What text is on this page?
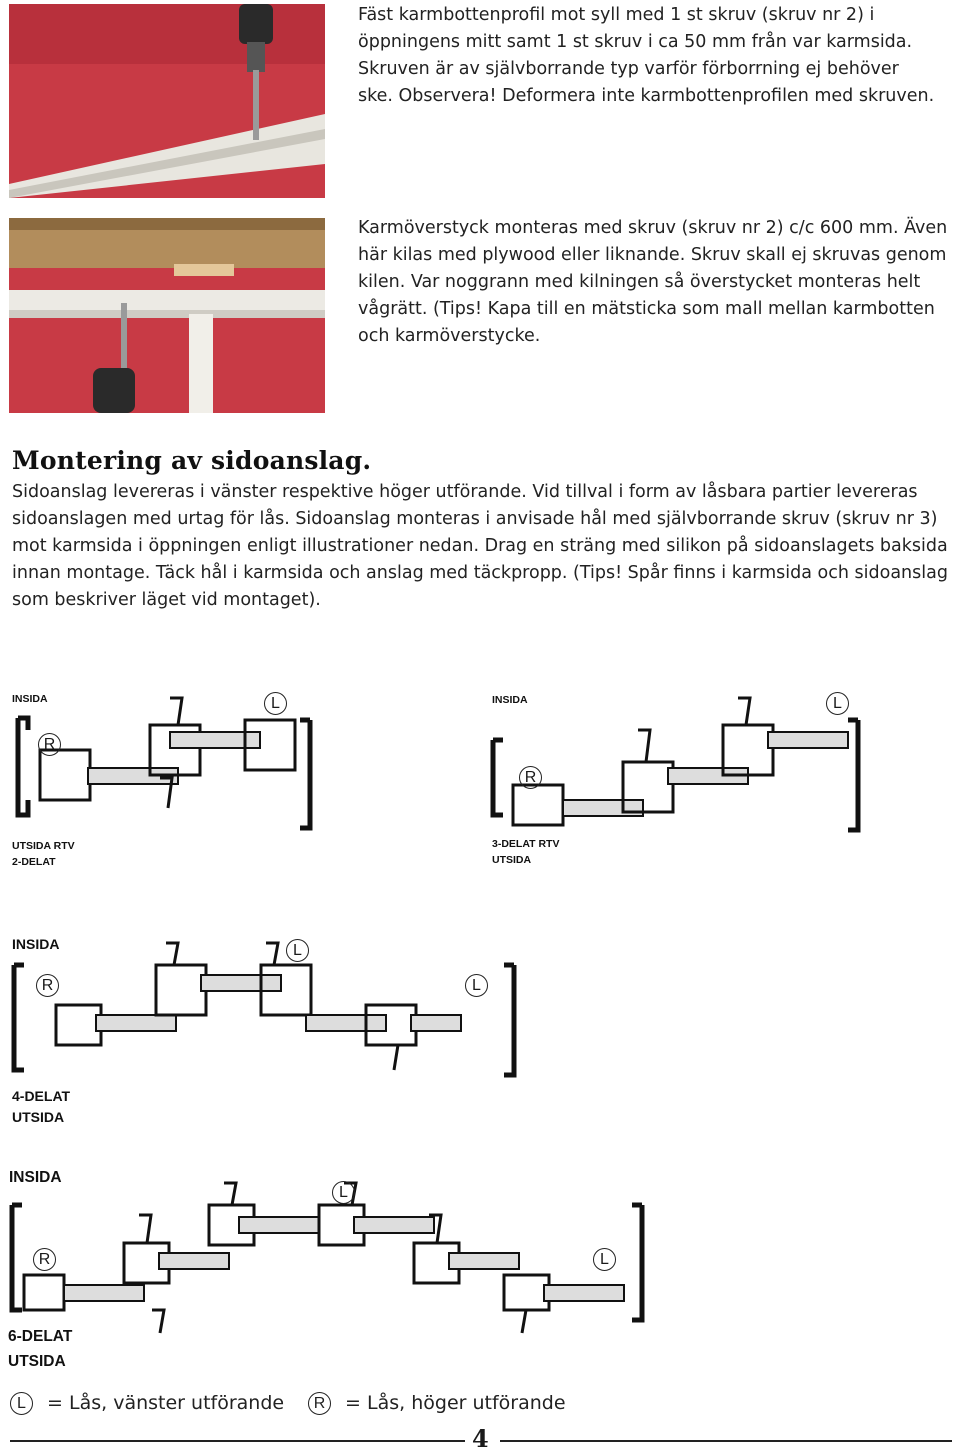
Fäst karmbottenprofil mot syll med 1 st skruv (skruv nr 2) i öppningens mitt samt 1 st skruv i ca 50 mm från var karmsida. Skruven är av självborrande typ varför förborrning ej behöver ske. Observera! Deformera inte karmbottenprofilen med skruven.
Karmöverstyck monteras med skruv (skruv nr 2) c/c 600 mm. Även här kilas med plywood eller liknande. Skruv skall ej skruvas genom kilen. Var noggrann med kilningen så överstycket monteras helt vågrätt. (Tips! Kapa till en mätsticka som mall mellan karmbotten och karmöverstycke.
Montering av sidoanslag.
Sidoanslag levereras i vänster respektive höger utförande. Vid tillval i form av låsbara partier levereras sidoanslagen med urtag för lås. Sidoanslag monteras i anvisade hål med självborrande skruv (skruv nr 3) mot karmsida i öppningen enligt illustrationer nedan. Drag en sträng med silikon på sidoanslagets baksida innan montage. Täck hål i karmsida och anslag med täckpropp. (Tips! Spår finns i karmsida och sidoanslag som beskriver läget vid montaget).
INSIDA
R
L
UTSIDA RTV
2-DELAT
INSIDA
R
L
3-DELAT RTV
UTSIDA
INSIDA
R
L
L
4-DELAT
UTSIDA
INSIDA
R
L
L
6-DELAT
UTSIDA
L = Lås, vänster utförande	R = Lås, höger utförande
4
